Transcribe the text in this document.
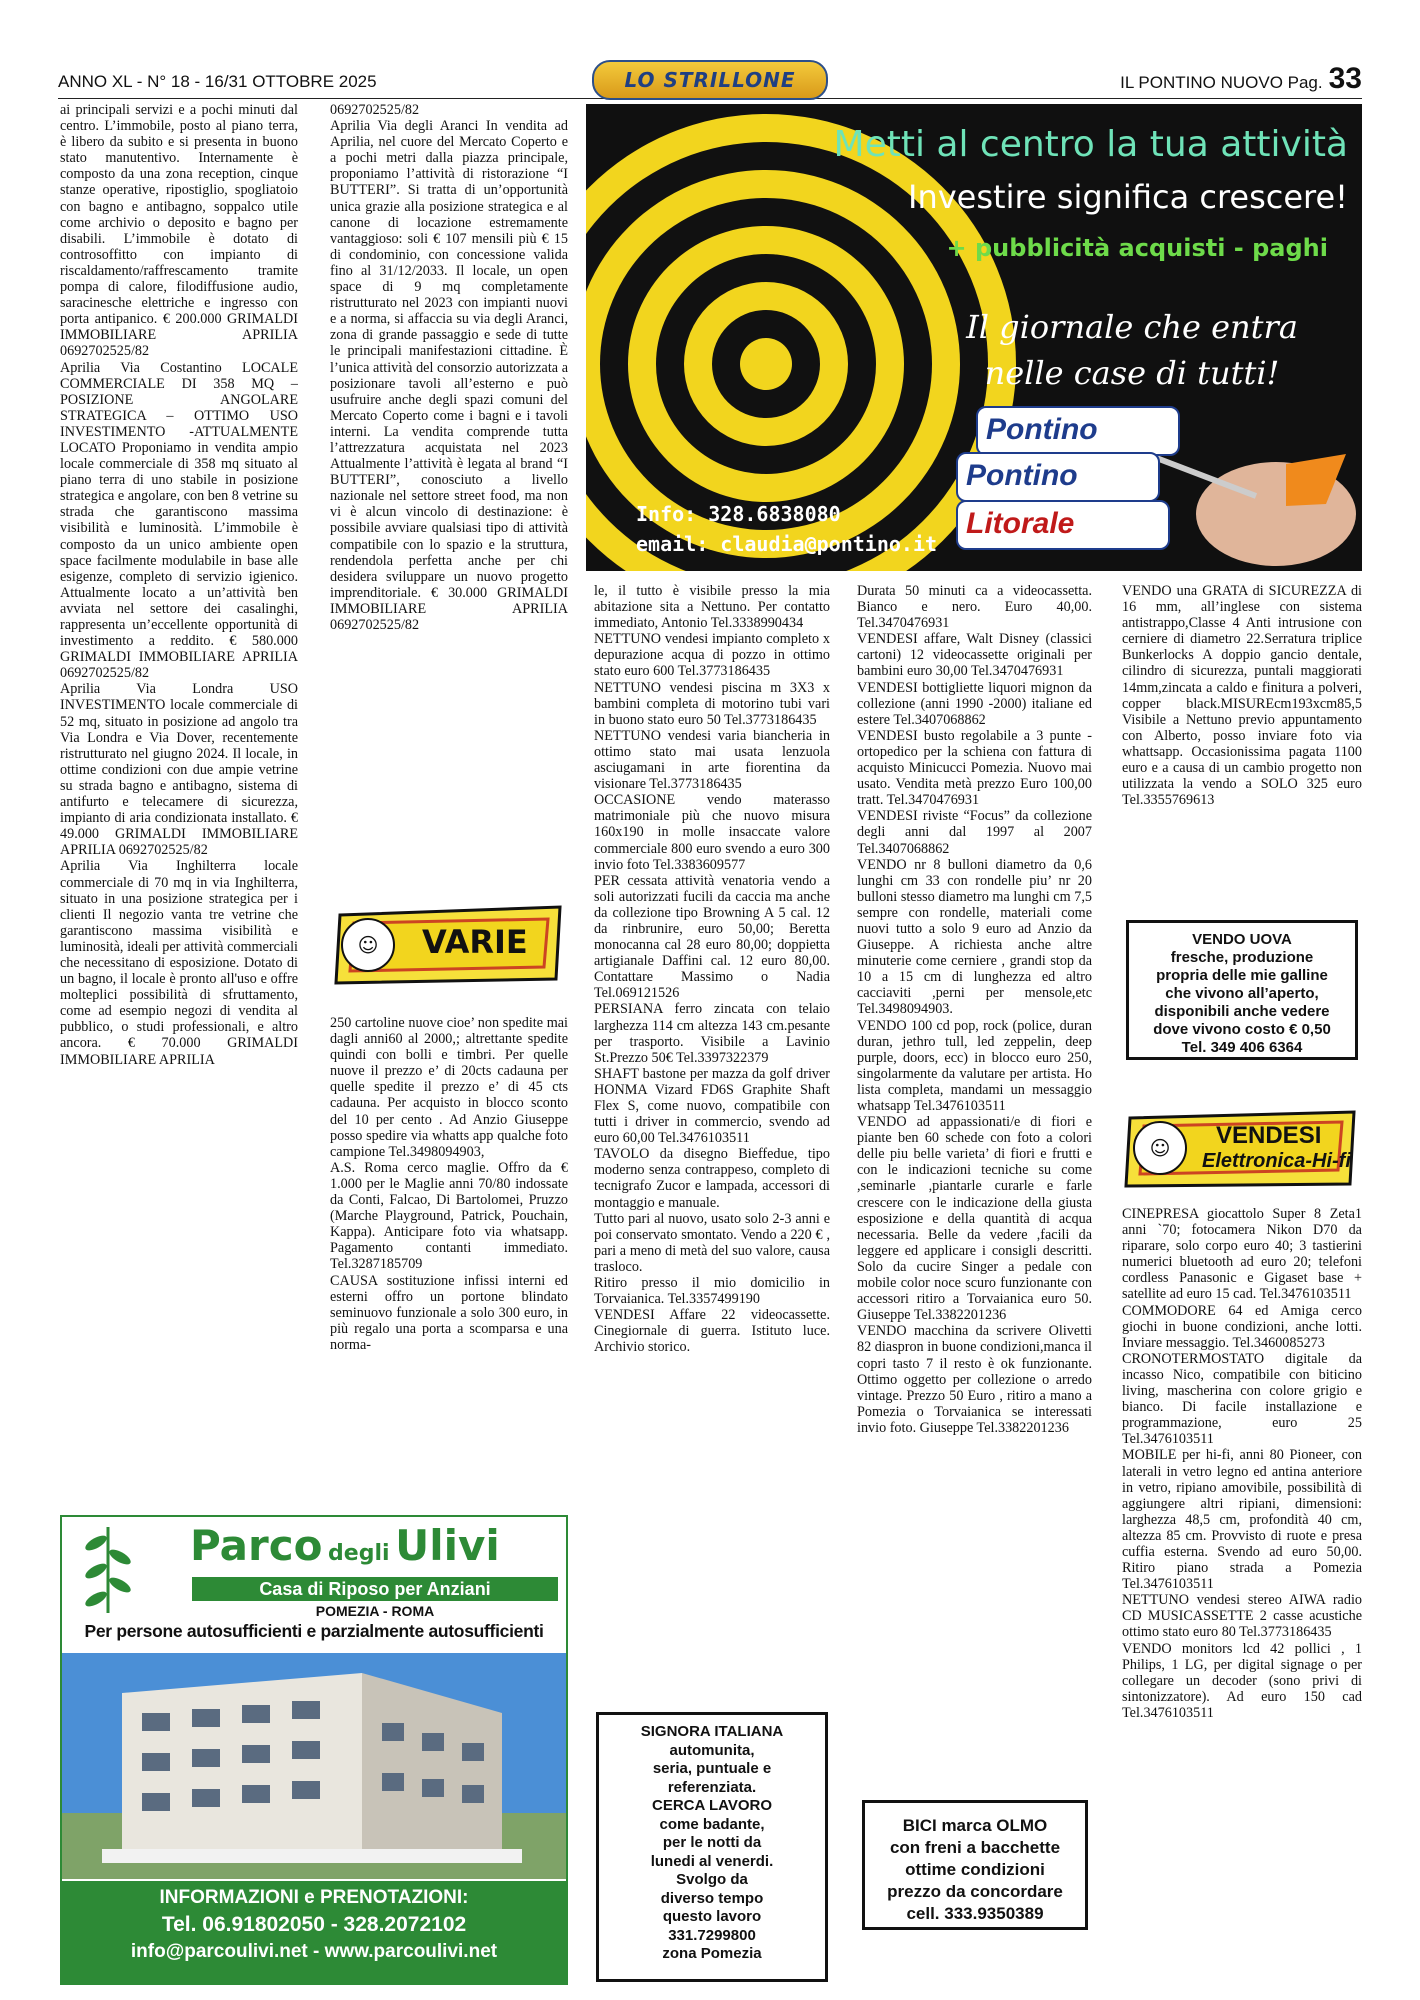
ANNO XL - N° 18 - 16/31 OTTOBRE 2025	IL PONTINO NUOVO Pag. 33
LO STRILLONE

ai principali servizi e a pochi minuti dal centro. L’immobile, posto al piano terra, è libero da subito e si presenta in buono stato manutentivo. Internamente è composto da una zona reception, cinque stanze operative, ripostiglio, spogliatoio con bagno e antibagno, soppalco utile come archivio o deposito e bagno per disabili. L’immobile è dotato di controsoffitto con impianto di riscaldamento/raffrescamento tramite pompa di calore, filodiffusione audio, saracinesche elettriche e ingresso con porta antipanico. € 200.000 GRIMALDI IMMOBILIARE APRILIA 0692702525/82

Aprilia Via Costantino LOCALE COMMERCIALE DI 358 MQ – POSIZIONE ANGOLARE STRATEGICA – OTTIMO USO INVESTIMENTO -ATTUALMENTE LOCATO Proponiamo in vendita ampio locale commerciale di 358 mq situato al piano terra di uno stabile in posizione strategica e angolare, con ben 8 vetrine su strada che garantiscono massima visibilità e luminosità. L’immobile è composto da un unico ambiente open space facilmente modulabile in base alle esigenze, completo di servizio igienico. Attualmente locato a un’attività ben avviata nel settore dei casalinghi, rappresenta un’eccellente opportunità di investimento a reddito. € 580.000 GRIMALDI IMMOBILIARE APRILIA 0692702525/82

Aprilia Via Londra USO INVESTIMENTO locale commerciale di 52 mq, situato in posizione ad angolo tra Via Londra e Via Dover, recentemente ristrutturato nel giugno 2024. Il locale, in ottime condizioni con due ampie vetrine su strada bagno e antibagno, sistema di antifurto e telecamere di sicurezza, impianto di aria condizionata installato. € 49.000 GRIMALDI IMMOBILIARE APRILIA 0692702525/82

Aprilia Via Inghilterra locale commerciale di 70 mq in via Inghilterra, situato in una posizione strategica per i clienti Il negozio vanta tre vetrine che garantiscono massima visibilità e luminosità, ideali per attività commerciali che necessitano di esposizione. Dotato di un bagno, il locale è pronto all'uso e offre molteplici possibilità di sfruttamento, come ad esempio negozi di vendita al pubblico, o studi professionali, e altro ancora. € 70.000 GRIMALDI IMMOBILIARE APRILIA

0692702525/82

Aprilia Via degli Aranci In vendita ad Aprilia, nel cuore del Mercato Coperto e a pochi metri dalla piazza principale, proponiamo l’attività di ristorazione “I BUTTERI”. Si tratta di un’opportunità unica grazie alla posizione strategica e al canone di locazione estremamente vantaggioso: soli € 107 mensili più € 15 di condominio, con concessione valida fino al 31/12/2033. Il locale, un open space di 9 mq completamente ristrutturato nel 2023 con impianti nuovi e a norma, si affaccia su via degli Aranci, zona di grande passaggio e sede di tutte le principali manifestazioni cittadine. È l’unica attività del consorzio autorizzata a posizionare tavoli all’esterno e può usufruire anche degli spazi comuni del Mercato Coperto come i bagni e i tavoli interni. La vendita comprende tutta l’attrezzatura acquistata nel 2023 Attualmente l’attività è legata al brand “I BUTTERI”, conosciuto a livello nazionale nel settore street food, ma non vi è alcun vincolo di destinazione: è possibile avviare qualsiasi tipo di attività compatibile con lo spazio e la struttura, rendendola perfetta anche per chi desidera sviluppare un nuovo progetto imprenditoriale. € 30.000 GRIMALDI IMMOBILIARE APRILIA 0692702525/82

☺ VARIE

250 cartoline nuove cioe’ non spedite mai dagli anni60 al 2000,; altrettante spedite quindi con bolli e timbri. Per quelle nuove il prezzo e’ di 20cts cadauna per quelle spedite il prezzo e’ di 45 cts cadauna. Per acquisto in blocco sconto del 10 per cento . Ad Anzio Giuseppe posso spedire via whatts app qualche foto campione Tel.3498094903,

A.S. Roma cerco maglie. Offro da € 1.000 per le Maglie anni 70/80 indossate da Conti, Falcao, Di Bartolomei, Pruzzo (Marche Playground, Patrick, Pouchain, Kappa). Anticipare foto via whatsapp. Pagamento contanti immediato. Tel.3287185709

CAUSA sostituzione infissi interni ed esterni offro un portone blindato seminuovo funzionale a solo 300 euro, in più regalo una porta a scomparsa e una norma-

Pontino
Pontino
Litorale
Metti al centro la tua attività
Investire significa crescere!
+ pubblicità acquisti - paghi
Il giornale che entra nelle case di tutti!
Info: 328.6838080
email: claudia@pontino.it

le, il tutto è visibile presso la mia abitazione sita a Nettuno. Per contatto immediato, Antonio Tel.3338990434

NETTUNO vendesi impianto completo x depurazione acqua di pozzo in ottimo stato euro 600 Tel.3773186435

NETTUNO vendesi piscina m 3X3 x bambini completa di motorino tubi vari in buono stato euro 50 Tel.3773186435

NETTUNO vendesi varia biancheria in ottimo stato mai usata lenzuola asciugamani in arte fiorentina da visionare Tel.3773186435

OCCASIONE vendo materasso matrimoniale più che nuovo misura 160x190 in molle insaccate valore commerciale 800 euro svendo a euro 300 invio foto Tel.3383609577

PER cessata attività venatoria vendo a soli autorizzati fucili da caccia ma anche da collezione tipo Browning A 5 cal. 12 da rinbrunire, euro 50,00; Beretta monocanna cal 28 euro 80,00; doppietta artigianale Daffini cal. 12 euro 80,00. Contattare Massimo o Nadia Tel.069121526

PERSIANA ferro zincata con telaio larghezza 114 cm altezza 143 cm.pesante per trasporto. Visibile a Lavinio St.Prezzo 50€ Tel.3397322379

SHAFT bastone per mazza da golf driver HONMA Vizard FD6S Graphite Shaft Flex S, come nuovo, compatibile con tutti i driver in commercio, svendo ad euro 60,00 Tel.3476103511

TAVOLO da disegno Bieffedue, tipo moderno senza contrappeso, completo di tecnigrafo Zucor e lampada, accessori di montaggio e manuale.

Tutto pari al nuovo, usato solo 2-3 anni e poi conservato smontato. Vendo a 220 € , pari a meno di metà del suo valore, causa trasloco.

Ritiro presso il mio domicilio in Torvaianica. Tel.3357499190

VENDESI Affare 22 videocassette. Cinegiornale di guerra. Istituto luce. Archivio storico.

SIGNORA ITALIANA
automunita,
seria, puntuale e
referenziata.
CERCA LAVORO
come badante,
per le notti da
lunedi al venerdi.
Svolgo da
diverso tempo
questo lavoro
331.7299800
zona Pomezia

Durata 50 minuti ca a videocassetta. Bianco e nero. Euro 40,00. Tel.3470476931

VENDESI affare, Walt Disney (classici cartoni) 12 videocassette originali per bambini euro 30,00 Tel.3470476931

VENDESI bottigliette liquori mignon da collezione (anni 1990 -2000) italiane ed estere Tel.3407068862

VENDESI busto regolabile a 3 punte - ortopedico per la schiena con fattura di acquisto Minicucci Pomezia. Nuovo mai usato. Vendita metà prezzo Euro 100,00 tratt. Tel.3470476931

VENDESI riviste “Focus” da collezione degli anni dal 1997 al 2007 Tel.3407068862

VENDO nr 8 bulloni diametro da 0,6 lunghi cm 33 con rondelle piu’ nr 20 bulloni stesso diametro ma lunghi cm 7,5 sempre con rondelle, materiali come nuovi tutto a solo 9 euro ad Anzio da Giuseppe. A richiesta anche altre minuterie come cerniere , grandi stop da 10 a 15 cm di lunghezza ed altro cacciaviti ,perni per mensole,etc Tel.3498094903.

VENDO 100 cd pop, rock (police, duran duran, jethro tull, led zeppelin, deep purple, doors, ecc) in blocco euro 250, singolarmente da valutare per artista. Ho lista completa, mandami un messaggio whatsapp Tel.3476103511

VENDO ad appassionati/e di fiori e piante ben 60 schede con foto a colori delle piu belle varieta’ di fiori e frutti e con le indicazioni tecniche su come ,seminarle ,piantarle curarle e farle crescere con le indicazione della giusta esposizione e della quantità di acqua necessaria. Belle da vedere ,facili da leggere ed applicare i consigli descritti. Solo da cucire Singer a pedale con mobile color noce scuro funzionante con accessori ritiro a Torvaianica euro 50. Giuseppe Tel.3382201236

VENDO macchina da scrivere Olivetti 82 diaspron in buone condizioni,manca il copri tasto 7 il resto è ok funzionante. Ottimo oggetto per collezione o arredo vintage. Prezzo 50 Euro , ritiro a mano a Pomezia o Torvaianica se interessati invio foto. Giuseppe Tel.3382201236

BICI marca OLMO
con freni a bacchette
ottime condizioni
prezzo da concordare
cell. 333.9350389

VENDO una GRATA di SICUREZZA di 16 mm, all’inglese con sistema antistrappo,Classe 4 Anti intrusione con cerniere di diametro 22.Serratura triplice Bunkerlocks A doppio gancio dentale, cilindro di sicurezza, puntali maggiorati 14mm,zincata a caldo e finitura a polveri, copper black.MISUREcm193xcm85,5 Visibile a Nettuno previo appuntamento con Alberto, posso inviare foto via whattsapp. Occasionissima pagata 1100 euro e a causa di un cambio progetto non utilizzata la vendo a SOLO 325 euro Tel.3355769613

VENDO UOVA
fresche, produzione
propria delle mie galline
che vivono all’aperto,
disponibili anche vedere
dove vivono costo € 0,50
Tel. 349 406 6364
☺ VENDESI
Elettronica-Hi-fi

CINEPRESA giocattolo Super 8 Zeta1 anni `70; fotocamera Nikon D70 da riparare, solo corpo euro 40; 3 tastierini numerici bluetooth ad euro 20; telefoni cordless Panasonic e Gigaset base + satellite ad euro 15 cad. Tel.3476103511

COMMODORE 64 ed Amiga cerco giochi in buone condizioni, anche lotti. Inviare messaggio. Tel.3460085273

CRONOTERMOSTATO digitale da incasso Nico, compatibile con biticino living, mascherina con colore grigio e bianco. Di facile installazione e programmazione, euro 25 Tel.3476103511

MOBILE per hi-fi, anni 80 Pioneer, con laterali in vetro legno ed antina anteriore in vetro, ripiano amovibile, possibilità di aggiungere altri ripiani, dimensioni: larghezza 48,5 cm, profondità 40 cm, altezza 85 cm. Provvisto di ruote e presa cuffia esterna. Svendo ad euro 50,00. Ritiro piano strada a Pomezia Tel.3476103511

NETTUNO vendesi stereo AIWA radio CD MUSICASSETTE 2 casse acustiche ottimo stato euro 80 Tel.3773186435

VENDO monitors lcd 42 pollici , 1 Philips, 1 LG, per digital signage o per collegare un decoder (sono privi di sintonizzatore). Ad euro 150 cad Tel.3476103511

Parco degli Ulivi
Casa di Riposo per Anziani
POMEZIA - ROMA
Per persone autosufficienti e parzialmente autosufficienti
INFORMAZIONI e PRENOTAZIONI:
Tel. 06.91802050 - 328.2072102
info@parcoulivi.net - www.parcoulivi.net
